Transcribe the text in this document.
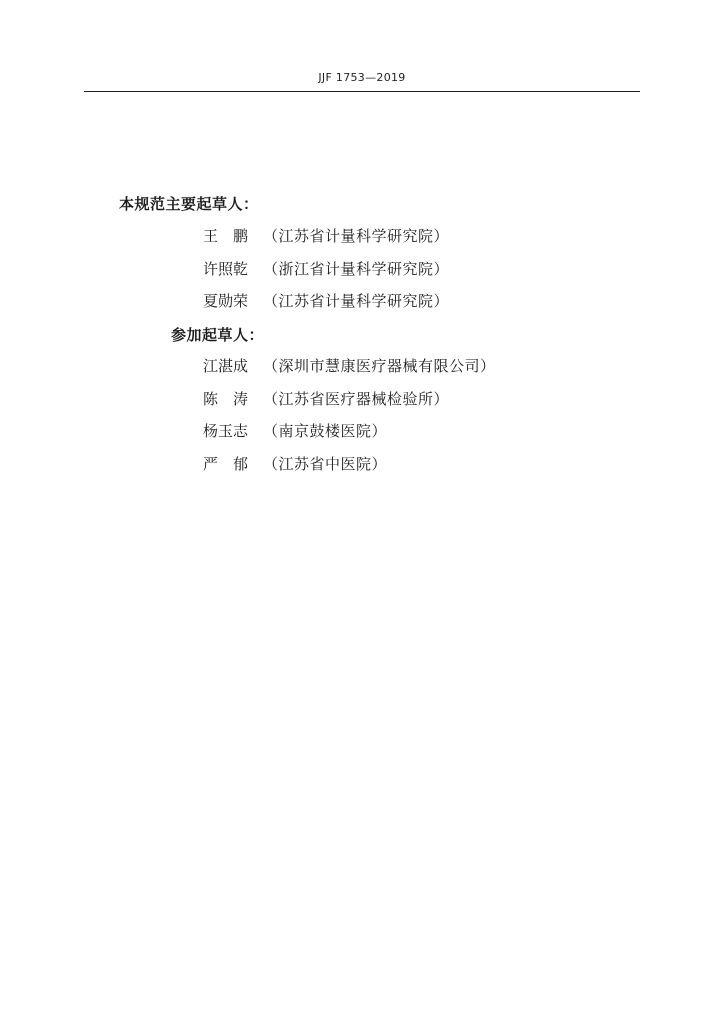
JJF 1753—2019
本规范主要起草人：
王　鹏 （江苏省计量科学研究院）
许照乾 （浙江省计量科学研究院）
夏勋荣 （江苏省计量科学研究院）
参加起草人：
江湛成 （深圳市慧康医疗器械有限公司）
陈　涛 （江苏省医疗器械检验所）
杨玉志 （南京鼓楼医院）
严　郁 （江苏省中医院）
